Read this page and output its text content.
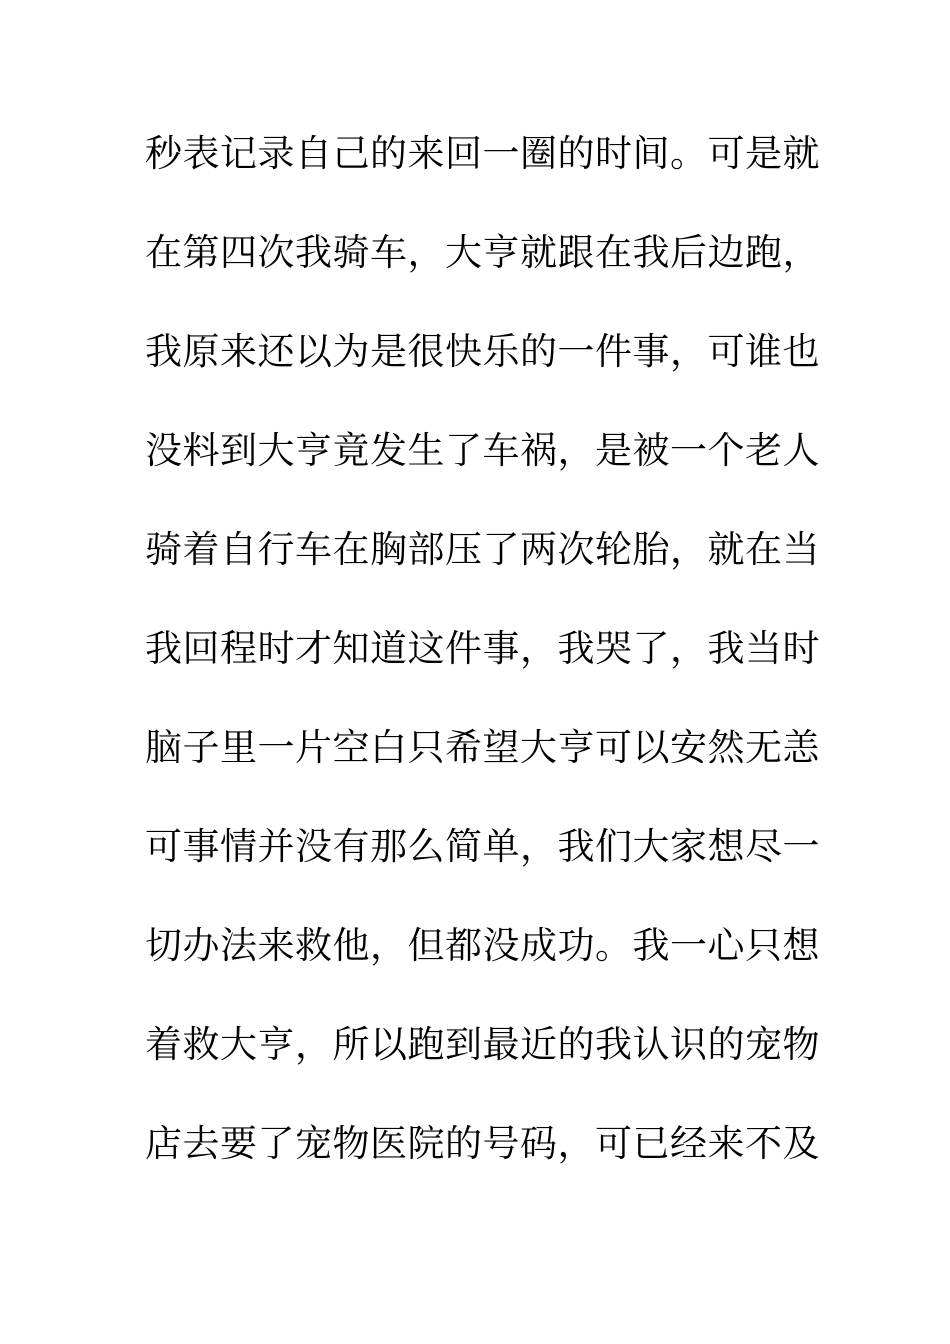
秒表记录自己的来回一圈的时间。可是就
在第四次我骑车，大亨就跟在我后边跑，
我原来还以为是很快乐的一件事，可谁也
没料到大亨竟发生了车祸，是被一个老人
骑着自行车在胸部压了两次轮胎，就在当
我回程时才知道这件事，我哭了，我当时
脑子里一片空白只希望大亨可以安然无恙
可事情并没有那么简单，我们大家想尽一
切办法来救他，但都没成功。我一心只想
着救大亨，所以跑到最近的我认识的宠物
店去要了宠物医院的号码，可已经来不及
